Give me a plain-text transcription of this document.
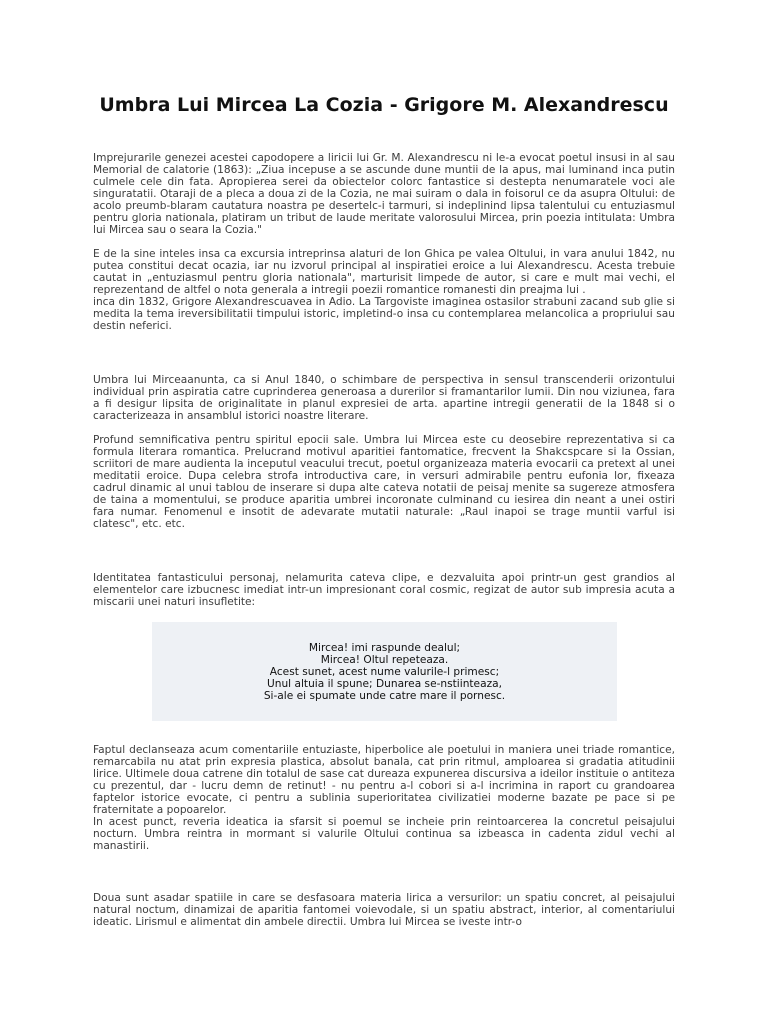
Umbra Lui Mircea La Cozia - Grigore M. Alexandrescu
Imprejurarile genezei acestei capodopere a liricii lui Gr. M. Alexandrescu ni le-a evocat poetul insusi in al sau Memorial de calatorie (1863): „Ziua incepuse a se ascunde dune muntii de la apus, mai luminand inca putin culmele cele din fata. Apropierea serei da obiectelor colorc fantastice si destepta nenumaratele voci ale singuratatii. Otaraji de a pleca a doua zi de la Cozia, ne mai suiram o dala in foisorul ce da asupra Oltului: de acolo preumb-blaram cautatura noastra pe desertelc-i tarmuri, si indeplinind lipsa talentului cu entuziasmul pentru gloria nationala, platiram un tribut de laude meritate valorosului Mircea, prin poezia intitulata: Umbra lui Mircea sau o seara la Cozia."
E de la sine inteles insa ca excursia intreprinsa alaturi de Ion Ghica pe valea Oltului, in vara anului 1842, nu putea constitui decat ocazia, iar nu izvorul principal al inspiratiei eroice a lui Alexandrescu. Acesta trebuie cautat in „entuziasmul pentru gloria nationala", marturisit limpede de autor, si care e mult mai vechi, el reprezentand de altfel o nota generala a intregii poezii romantice romanesti din preajma lui .
inca din 1832, Grigore Alexandrescuavea in Adio. La Targoviste imaginea ostasilor strabuni zacand sub glie si medita la tema ireversibilitatii timpului istoric, impletind-o insa cu contemplarea melancolica a propriului sau destin neferici.
Umbra lui Mirceaanunta, ca si Anul 1840, o schimbare de perspectiva in sensul transcenderii orizontului individual prin aspiratia catre cuprinderea generoasa a durerilor si framantarilor lumii. Din nou viziunea, fara a fi desigur lipsita de originalitate in planul expresiei de arta. apartine intregii generatii de la 1848 si o caracterizeaza in ansamblul istorici noastre literare.
Profund semnificativa pentru spiritul epocii sale. Umbra lui Mircea este cu deosebire reprezentativa si ca formula literara romantica. Prelucrand motivul aparitiei fantomatice, frecvent la Shakcspcare si la Ossian, scriitori de mare audienta la inceputul veacului trecut, poetul organizeaza materia evocarii ca pretext al unei meditatii eroice. Dupa celebra strofa introductiva care, in versuri admirabile pentru eufonia lor, fixeaza cadrul dinamic al unui tablou de inserare si dupa alte cateva notatii de peisaj menite sa sugereze atmosfera de taina a momentului, se produce aparitia umbrei incoronate culminand cu iesirea din neant a unei ostiri fara numar. Fenomenul e insotit de adevarate mutatii naturale: „Raul inapoi se trage muntii varful isi clatesc", etc. etc.
Identitatea fantasticului personaj, nelamurita cateva clipe, e dezvaluita apoi printr-un gest grandios al elementelor care izbucnesc imediat intr-un impresionant coral cosmic, regizat de autor sub impresia acuta a miscarii unei naturi insufletite:
Mircea! imi raspunde dealul;
Mircea! Oltul repeteaza.
Acest sunet, acest nume valurile-l primesc;
Unul altuia il spune; Dunarea se-nstiinteaza,
Si-ale ei spumate unde catre mare il pornesc.
Faptul declanseaza acum comentariile entuziaste, hiperbolice ale poetului in maniera unei triade romantice, remarcabila nu atat prin expresia plastica, absolut banala, cat prin ritmul, amploarea si gradatia atitudinii lirice. Ultimele doua catrene din totalul de sase cat dureaza expunerea discursiva a ideilor instituie o antiteza cu prezentul, dar - lucru demn de retinut! - nu pentru a-l cobori si a-l incrimina in raport cu grandoarea faptelor istorice evocate, ci pentru a sublinia superioritatea civilizatiei moderne bazate pe pace si pe fraternitate a popoarelor.
In acest punct, reveria ideatica ia sfarsit si poemul se incheie prin reintoarcerea la concretul peisajului nocturn. Umbra reintra in mormant si valurile Oltului continua sa izbeasca in cadenta zidul vechi al manastirii.
Doua sunt asadar spatiile in care se desfasoara materia lirica a versurilor: un spatiu concret, al peisajului natural noctum, dinamizai de aparitia fantomei voievodale, si un spatiu abstract, interior, al comentariului ideatic. Lirismul e alimentat din ambele directii. Umbra lui Mircea se iveste intr-o
